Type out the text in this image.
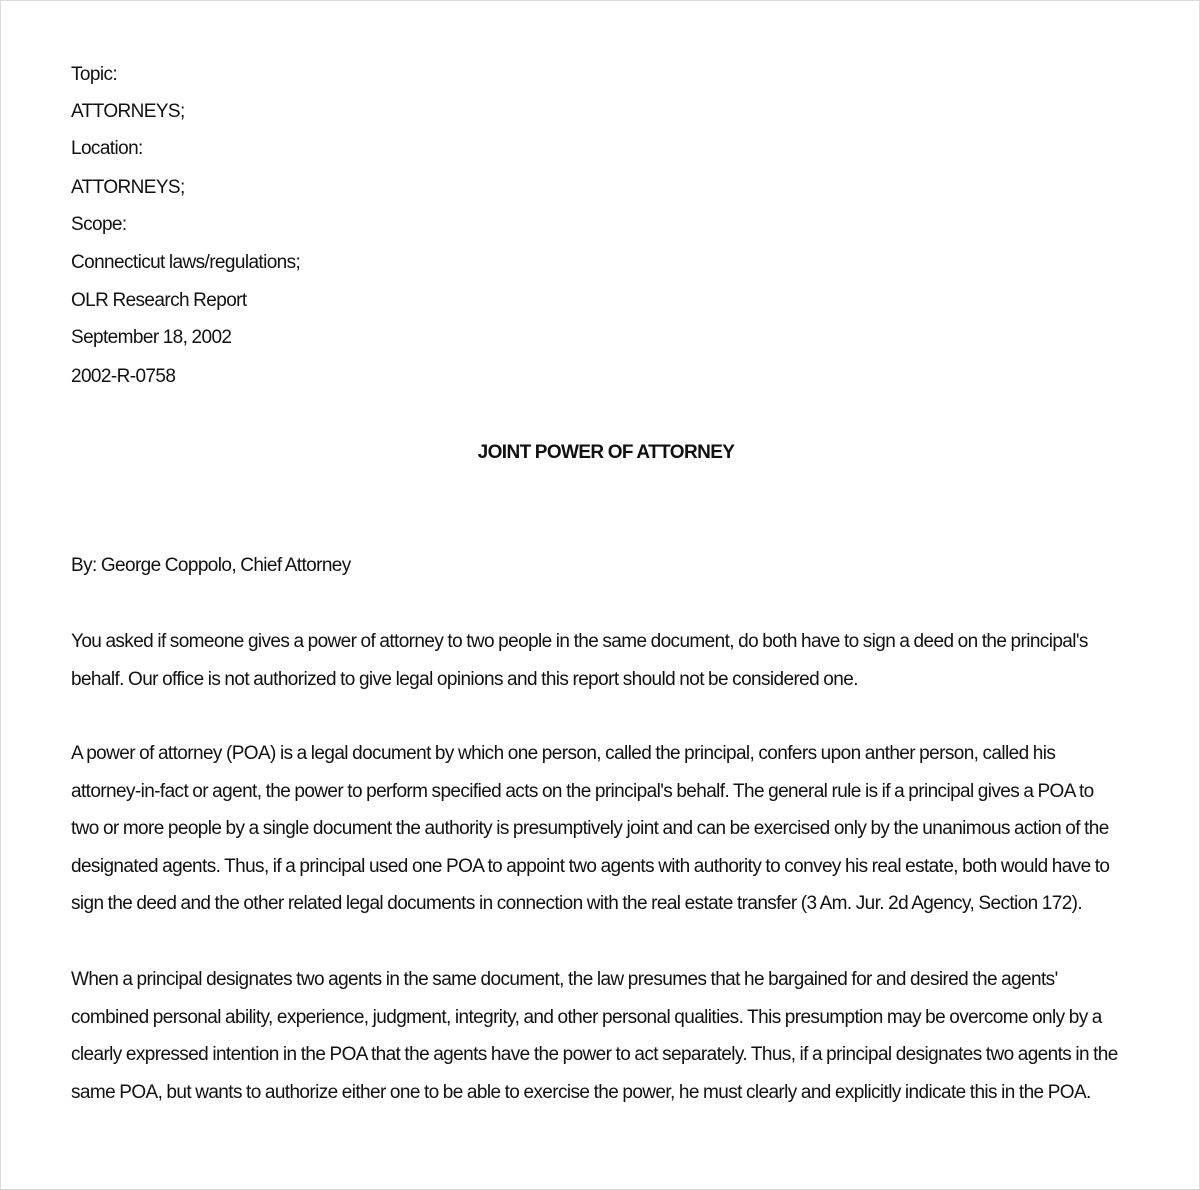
Topic:
ATTORNEYS;
Location:
ATTORNEYS;
Scope:
Connecticut laws/regulations;
OLR Research Report
September 18, 2002
2002-R-0758
JOINT POWER OF ATTORNEY
By: George Coppolo, Chief Attorney
You asked if someone gives a power of attorney to two people in the same document, do both have to sign a deed on the principal's
behalf. Our office is not authorized to give legal opinions and this report should not be considered one.
A power of attorney (POA) is a legal document by which one person, called the principal, confers upon anther person, called his
attorney-in-fact or agent, the power to perform specified acts on the principal's behalf. The general rule is if a principal gives a POA to
two or more people by a single document the authority is presumptively joint and can be exercised only by the unanimous action of the
designated agents. Thus, if a principal used one POA to appoint two agents with authority to convey his real estate, both would have to
sign the deed and the other related legal documents in connection with the real estate transfer (3 Am. Jur. 2d Agency, Section 172).
When a principal designates two agents in the same document, the law presumes that he bargained for and desired the agents'
combined personal ability, experience, judgment, integrity, and other personal qualities. This presumption may be overcome only by a
clearly expressed intention in the POA that the agents have the power to act separately. Thus, if a principal designates two agents in the
same POA, but wants to authorize either one to be able to exercise the power, he must clearly and explicitly indicate this in the POA.
